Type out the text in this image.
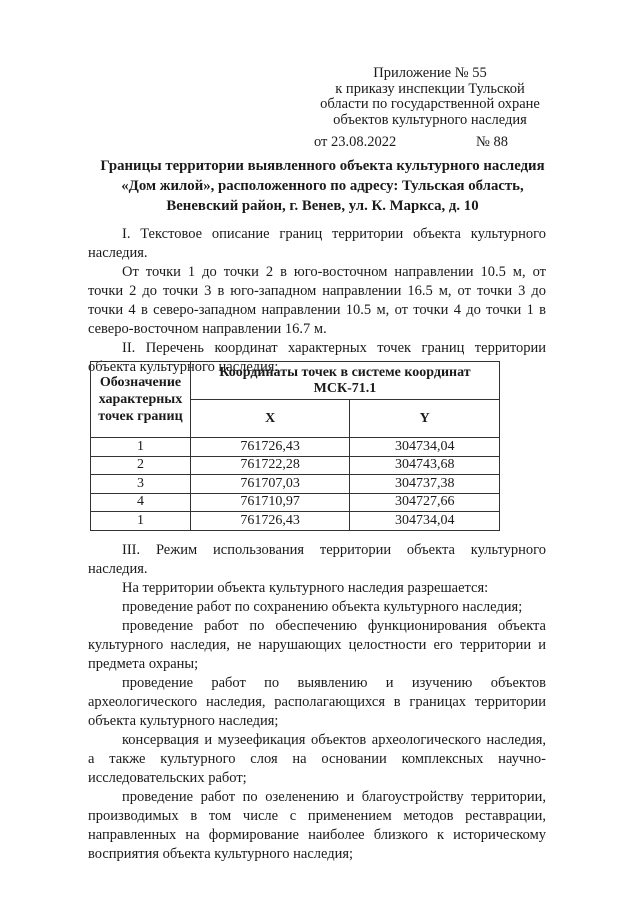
Приложение № 55
к приказу инспекции Тульской
области по государственной охране
объектов культурного наследия
от 23.08.2022	№ 88
Границы территории выявленного объекта культурного наследия
«Дом жилой», расположенного по адресу: Тульская область,
Веневский район, г. Венев, ул. К. Маркса, д. 10
I. Текстовое описание границ территории объекта культурного наследия.
От точки 1 до точки 2 в юго-восточном направлении 10.5 м, от точки 2 до точки 3 в юго-западном направлении 16.5 м, от точки 3 до точки 4 в северо-западном направлении 10.5 м, от точки 4 до точки 1 в северо-восточном направлении 16.7 м.
II. Перечень координат характерных точек границ территории объекта культурного наследия:
Обозначение характерных точек границ	Координаты точек в системе координат МСК-71.1	
	X	Y
1	761726,43	304734,04
2	761722,28	304743,68
3	761707,03	304737,38
4	761710,97	304727,66
1	761726,43	304734,04
III. Режим использования территории объекта культурного наследия.
На территории объекта культурного наследия разрешается:
проведение работ по сохранению объекта культурного наследия;
проведение работ по обеспечению функционирования объекта культурного наследия, не нарушающих целостности его территории и предмета охраны;
проведение работ по выявлению и изучению объектов археологического наследия, располагающихся в границах территории объекта культурного наследия;
консервация и музеефикация объектов археологического наследия, а также культурного слоя на основании комплексных научно-исследовательских работ;
проведение работ по озеленению и благоустройству территории, производимых в том числе с применением методов реставрации, направленных на формирование наиболее близкого к историческому восприятия объекта культурного наследия;
